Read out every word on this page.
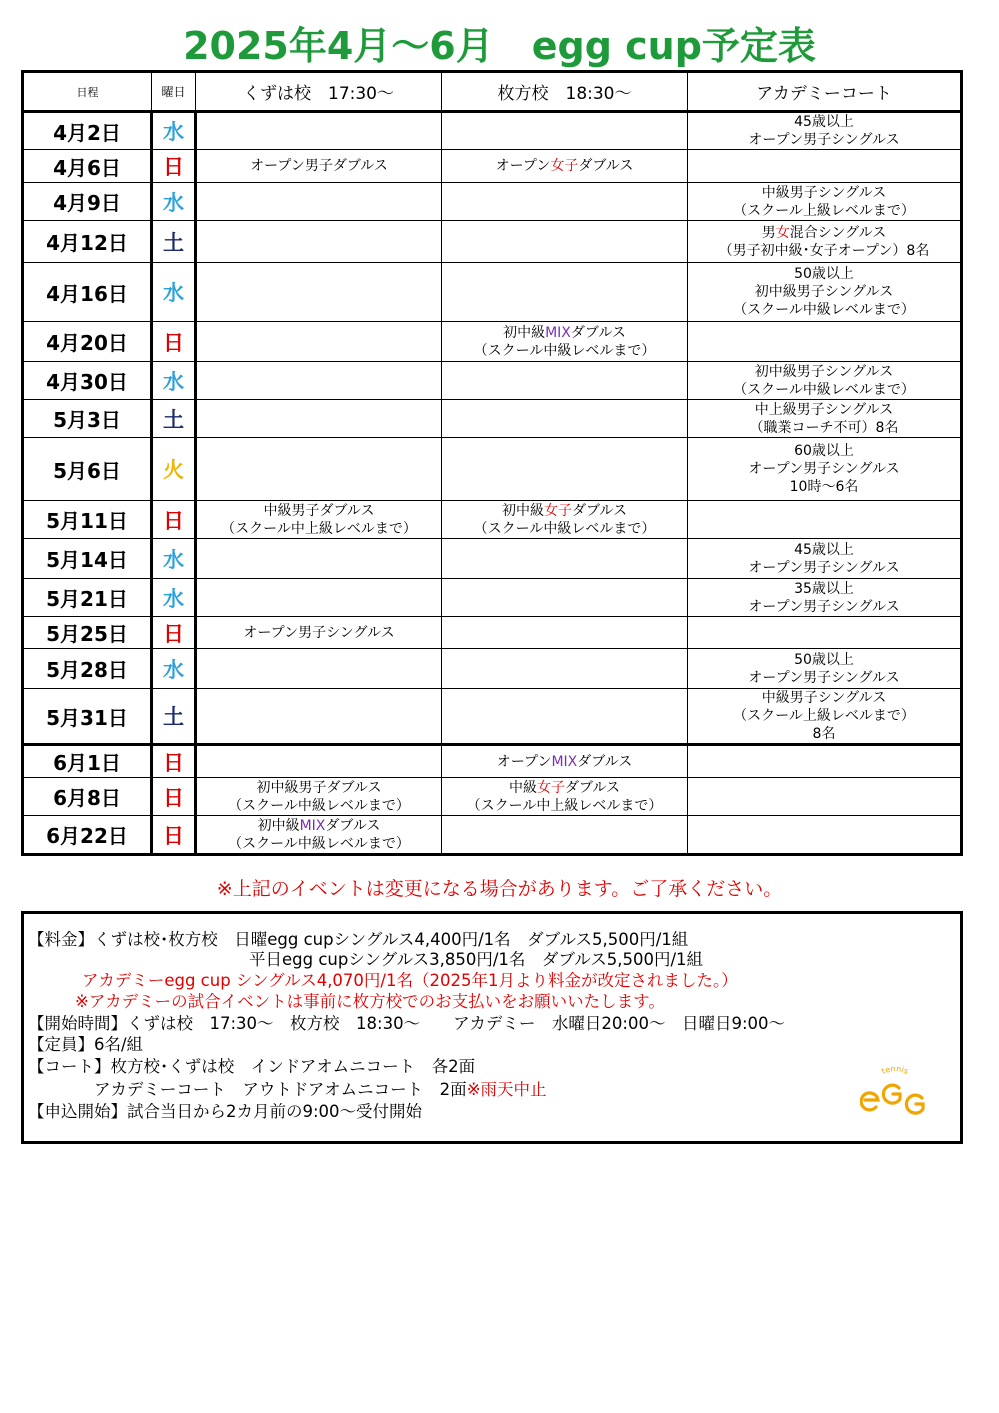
2025年4月～6月　egg cup予定表
日程	曜日	くずは校　17:30～	枚方校　18:30～	アカデミーコート
4月2日	水			45歳以上
オープン男子シングルス

4月6日	日	オープン男子ダブルス	オープン女子ダブルス	

4月9日	水			中級男子シングルス
（スクール上級レベルまで）

4月12日	土			男女混合シングルス
（男子初中級･女子オープン）8名

4月16日	水			50歳以上
初中級男子シングルス
（スクール中級レベルまで）

4月20日	日		初中級MIXダブルス
（スクール中級レベルまで）	

4月30日	水			初中級男子シングルス
（スクール中級レベルまで）

5月3日	土			中上級男子シングルス
（職業コーチ不可）8名

5月6日	火			60歳以上
オープン男子シングルス
10時～6名

5月11日	日	中級男子ダブルス
（スクール中上級レベルまで）	初中級女子ダブルス
（スクール中級レベルまで）	

5月14日	水			45歳以上
オープン男子シングルス

5月21日	水			35歳以上
オープン男子シングルス

5月25日	日	オープン男子シングルス		

5月28日	水			50歳以上
オープン男子シングルス

5月31日	土			中級男子シングルス
（スクール上級レベルまで）
8名

6月1日	日		オープンMIXダブルス	

6月8日	日	初中級男子ダブルス
（スクール中級レベルまで）	中級女子ダブルス
（スクール中上級レベルまで）	

6月22日	日	初中級MIXダブルス
（スクール中級レベルまで）		

※上記のイベントは変更になる場合があります。ご了承ください。
【料金】くずは校･枚方校　日曜egg cupシングルス4,400円/1名　ダブルス5,500円/1組
平日egg cupシングルス3,850円/1名　ダブルス5,500円/1組
アカデミーegg cup シングルス4,070円/1名（2025年1月より料金が改定されました。）
※アカデミーの試合イベントは事前に枚方校でのお支払いをお願いいたします。
【開始時間】くずは校　17:30～　枚方校　18:30～　　アカデミー　水曜日20:00～　日曜日9:00～
【定員】6名/組
【コート】枚方校･くずは校　インドアオムニコート　各2面
アカデミーコート　アウトドアオムニコート　2面※雨天中止
【申込開始】試合当日から2カ月前の9:00～受付開始
tennis
